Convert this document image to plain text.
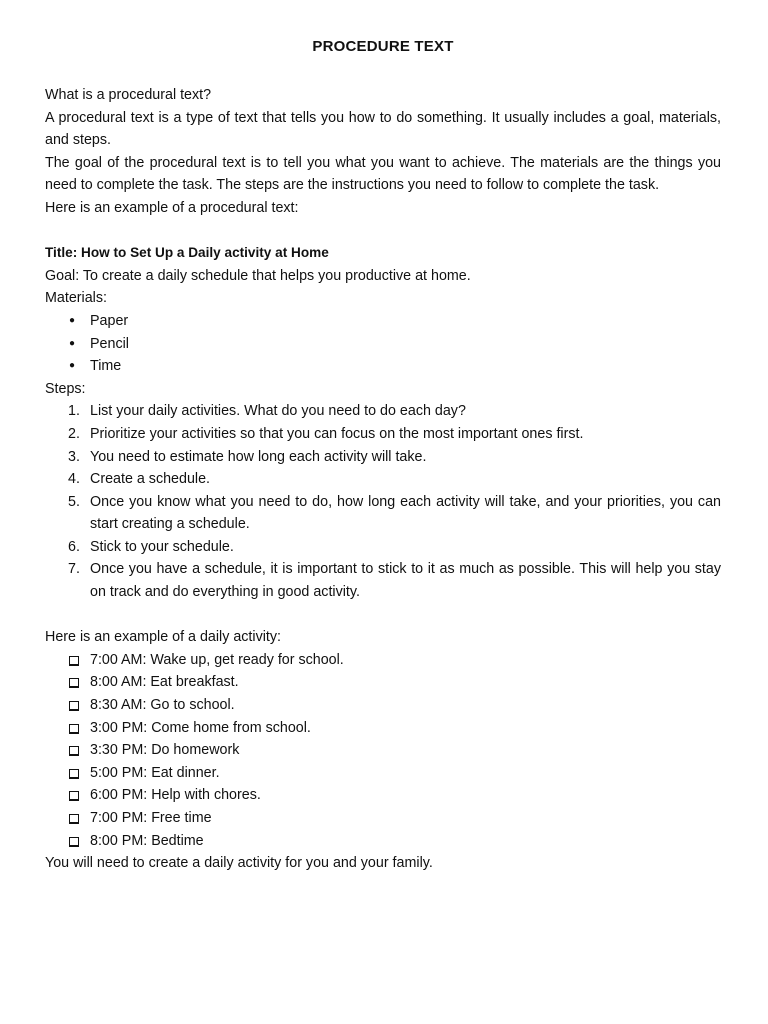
PROCEDURE TEXT

What is a procedural text?

A procedural text is a type of text that tells you how to do something. It usually includes a goal, materials, and steps.

The goal of the procedural text is to tell you what you want to achieve. The materials are the things you need to complete the task. The steps are the instructions you need to follow to complete the task.

Here is an example of a procedural text:

Title: How to Set Up a Daily activity at Home

Goal: To create a daily schedule that helps you productive at home.

Materials:

● Paper
● Pencil
● Time

Steps:

1. List your daily activities. What do you need to do each day?
2. Prioritize your activities so that you can focus on the most important ones first.
3. You need to estimate how long each activity will take.
4. Create a schedule.
5. Once you know what you need to do, how long each activity will take, and your priorities, you can start creating a schedule.
6. Stick to your schedule.
7. Once you have a schedule, it is important to stick to it as much as possible. This will help you stay on track and do everything in good activity.

Here is an example of a daily activity:

7:00 AM: Wake up, get ready for school.
8:00 AM: Eat breakfast.
8:30 AM: Go to school.
3:00 PM: Come home from school.
3:30 PM: Do homework
5:00 PM: Eat dinner.
6:00 PM: Help with chores.
7:00 PM: Free time
8:00 PM: Bedtime

You will need to create a daily activity for you and your family.
